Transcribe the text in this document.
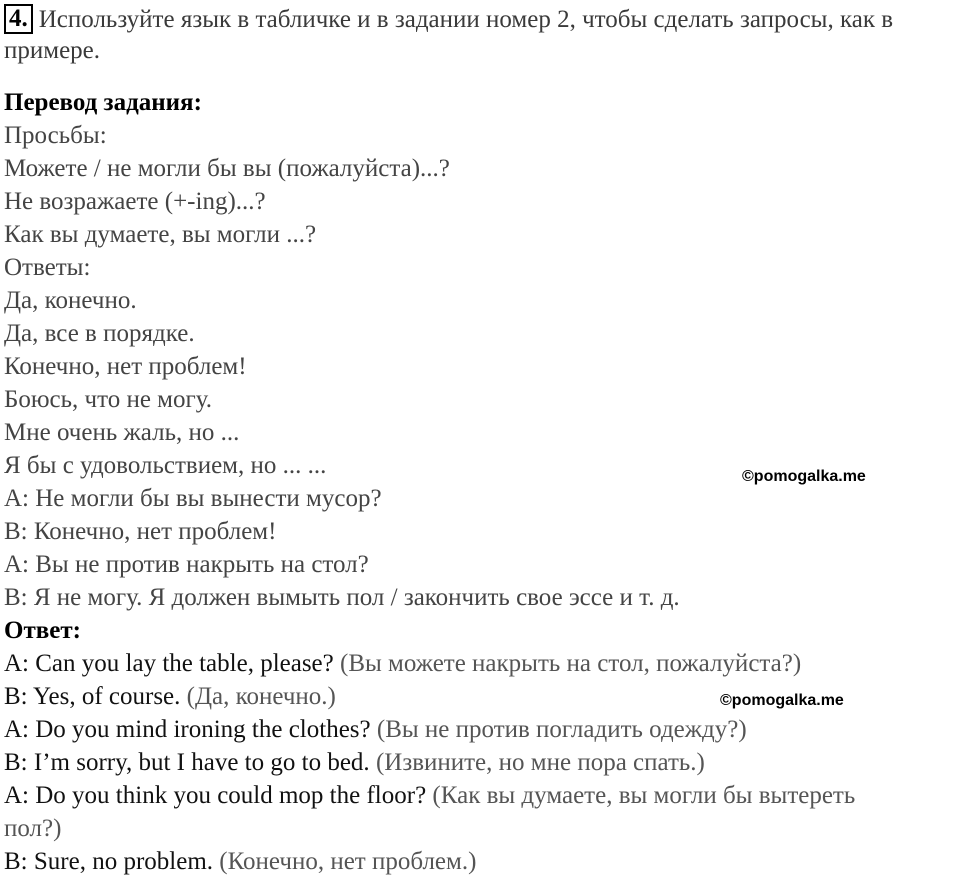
4. Используйте язык в табличке и в задании номер 2, чтобы сделать запросы, как в примере.
Перевод задания:
Просьбы:
Можете / не могли бы вы (пожалуйста)...?
Не возражаете (+-ing)...?
Как вы думаете, вы могли ...?
Ответы:
Да, конечно.
Да, все в порядке.
Конечно, нет проблем!
Боюсь, что не могу.
Мне очень жаль, но ...
Я бы с удовольствием, но ... ...
А: Не могли бы вы вынести мусор?
В: Конечно, нет проблем!
А: Вы не против накрыть на стол?
В: Я не могу. Я должен вымыть пол / закончить свое эссе и т. д.
Ответ:
A: Can you lay the table, please? (Вы можете накрыть на стол, пожалуйста?)
B: Yes, of course. (Да, конечно.)
A: Do you mind ironing the clothes? (Вы не против погладить одежду?)
B: I’m sorry, but I have to go to bed. (Извините, но мне пора спать.)
A: Do you think you could mop the floor? (Как вы думаете, вы могли бы вытереть пол?)
B: Sure, no problem. (Конечно, нет проблем.)
©pomogalka.me
©pomogalka.me
